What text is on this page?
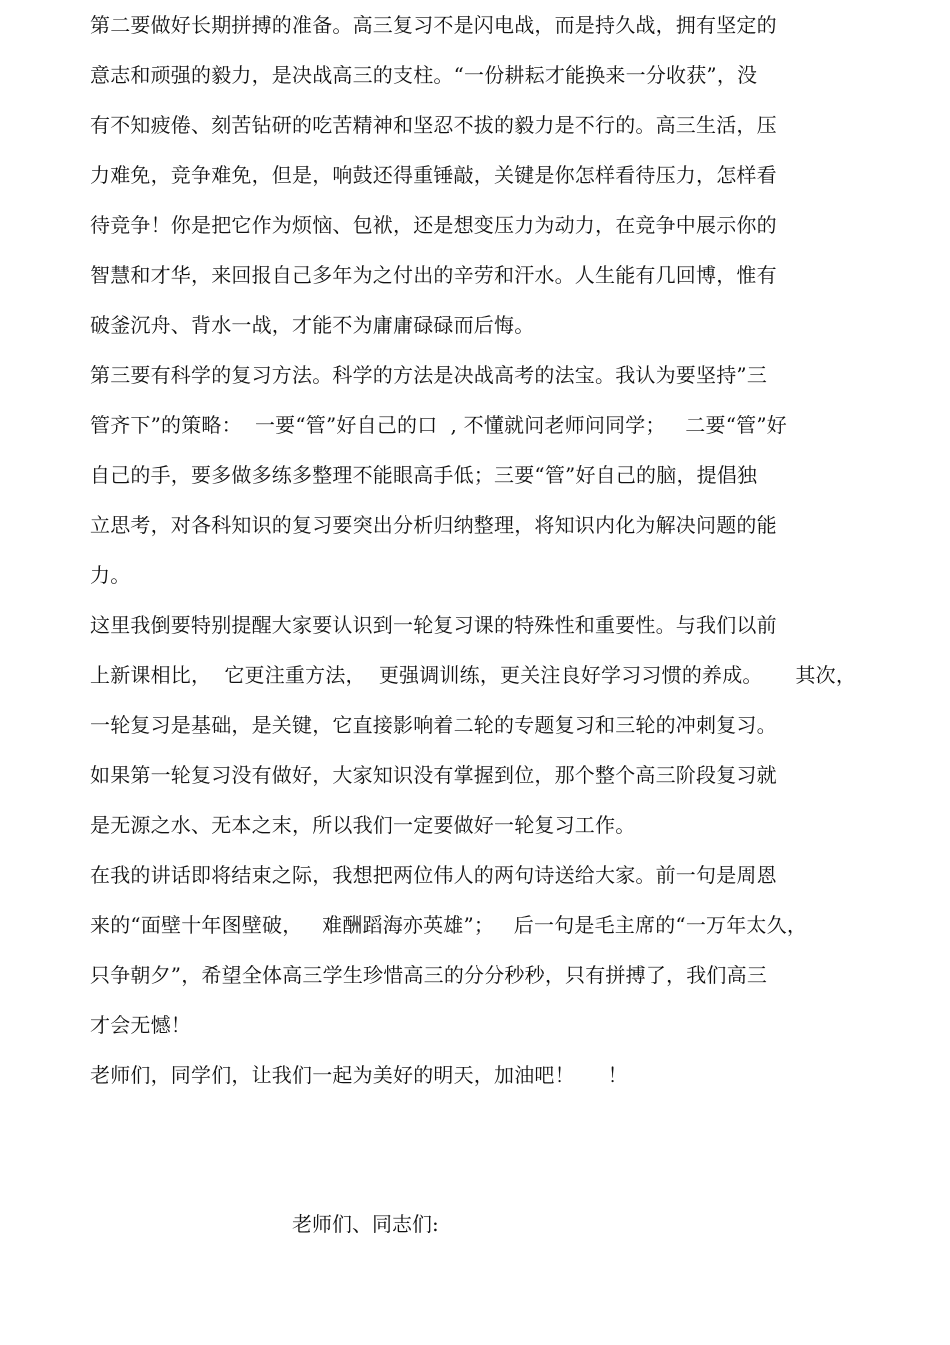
第二要做好长期拼搏的准备。高三复习不是闪电战，而是持久战，拥有坚定的
意志和顽强的毅力，是决战高三的支柱。“一份耕耘才能换来一分收获”，没
有不知疲倦、刻苦钻研的吃苦精神和坚忍不拔的毅力是不行的。高三生活，压
力难免，竞争难免，但是，响鼓还得重锤敲，关键是你怎样看待压力，怎样看
待竞争！你是把它作为烦恼、包袱，还是想变压力为动力，在竞争中展示你的
智慧和才华，来回报自己多年为之付出的辛劳和汗水。人生能有几回博，惟有
破釜沉舟、背水一战，才能不为庸庸碌碌而后悔。
第三要有科学的复习方法。科学的方法是决战高考的法宝。我认为要坚持”三
管齐下”的策略：  一要“管”好自己的口  , 不懂就问老师问同学；   二要“管”好
自己的手，要多做多练多整理不能眼高手低；三要“管”好自己的脑，提倡独
立思考，对各科知识的复习要突出分析归纳整理，将知识内化为解决问题的能
力。
这里我倒要特别提醒大家要认识到一轮复习课的特殊性和重要性。与我们以前
上新课相比，  它更注重方法，  更强调训练，更关注良好学习习惯的养成。     其次，
一轮复习是基础，是关键，它直接影响着二轮的专题复习和三轮的冲刺复习。
如果第一轮复习没有做好，大家知识没有掌握到位，那个整个高三阶段复习就
是无源之水、无本之末，所以我们一定要做好一轮复习工作。
在我的讲话即将结束之际，我想把两位伟人的两句诗送给大家。前一句是周恩
来的“面壁十年图壁破，   难酬蹈海亦英雄”；   后一句是毛主席的“一万年太久，
只争朝夕”，希望全体高三学生珍惜高三的分分秒秒，只有拼搏了，我们高三
才会无憾！
老师们，同学们，让我们一起为美好的明天，加油吧！     ！
老师们、同志们:
